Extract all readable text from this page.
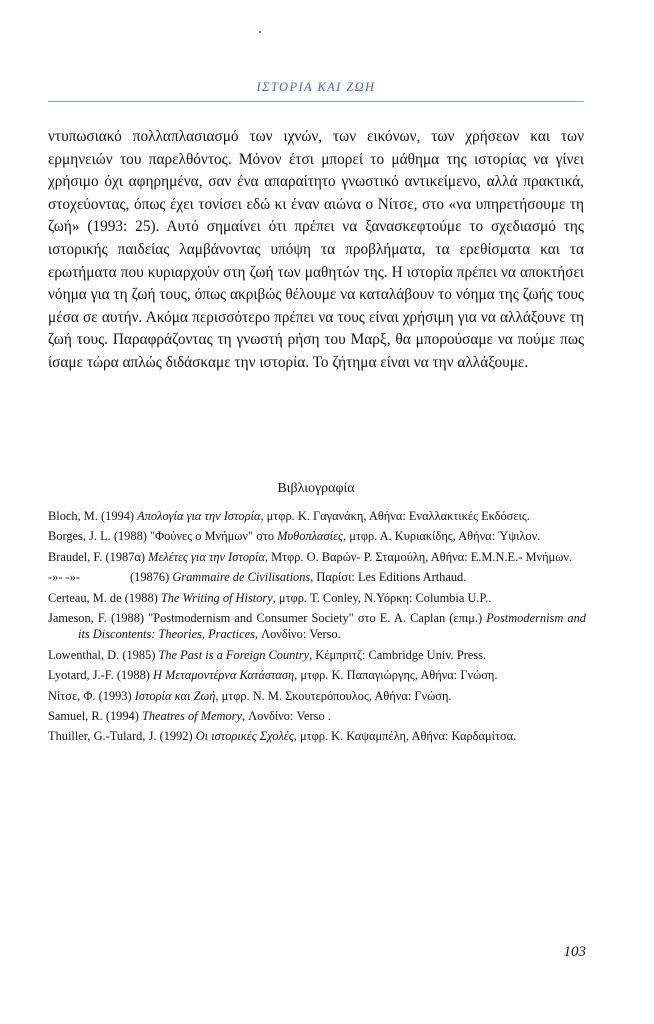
ΙΣΤΟΡΙΑ ΚΑΙ ΖΩΗ

ντυπωσιακό πολλαπλασιασμό των ιχνών, των εικόνων, των χρήσεων και των ερμηνειών του παρελθόντος. Μόνον έτσι μπορεί το μάθημα της ιστορίας να γίνει χρήσιμο όχι αφηρημένα, σαν ένα απαραίτητο γνωστικό αντικείμενο, αλλά πρακτικά, στοχεύοντας, όπως έχει τονίσει εδώ κι έναν αιώνα ο Νίτσε, στο «να υπηρετήσουμε τη ζωή» (1993: 25). Αυτό σημαίνει ότι πρέπει να ξανασκεφτούμε το σχεδιασμό της ιστορικής παιδείας λαμβάνοντας υπόψη τα προβλήματα, τα ερεθίσματα και τα ερωτήματα που κυριαρχούν στη ζωή των μαθητών της. Η ιστορία πρέπει να αποκτήσει νόημα για τη ζωή τους, όπως ακριβώς θέλουμε να καταλάβουν το νόημα της ζωής τους μέσα σε αυτήν. Ακόμα περισσότερο πρέπει να τους είναι χρήσιμη για να αλλάξουνε τη ζωή τους. Παραφράζοντας τη γνωστή ρήση του Μαρξ, θα μπορούσαμε να πούμε πως ίσαμε τώρα απλώς διδάσκαμε την ιστορία. Το ζήτημα είναι να την αλλάξουμε.

Βιβλιογραφία
Bloch, M. (1994) Απολογία για την Ιστορία, μτφρ. Κ. Γαγανάκη, Αθήνα: Εναλλακτικές Εκδόσεις.
Borges, J. L. (1988) "Φούνες ο Μνήμων" στο Μυθοπλασίες, μτφρ. Α. Κυριακίδης, Αθήνα: Ύψιλον.
Braudel, F. (1987α) Μελέτες για την Ιστορία, Μτφρ. Ο. Βαρών- Ρ. Σταμούλη, Αθήνα: Ε.Μ.Ν.Ε.- Μνήμων.
-»- -»-	(19876) Grammaire de Civilisations, Παρίσι: Les Editions Arthaud.
Certeau, M. de (1988) The Writing of History, μτφρ. T. Conley, N.Υόρκη: Columbia U.P..
Jameson, F. (1988) "Postmodernism and Consumer Society" στο E. A. Caplan (επιμ.) Postmodernism and its Discontents: Theories, Practices, Λονδίνο: Verso.
Lowenthal, D. (1985) The Past is a Foreign Country, Κέμπριτζ: Cambridge Univ. Press.
Lyotard, J.-F. (1988) Η Μεταμοντέρνα Κατάσταση, μτφρ. Κ. Παπαγιώργης, Αθήνα: Γνώση.
Νίτσε, Φ. (1993) Ιστορία και Ζωή, μτφρ. Ν. Μ. Σκουτερόπουλος, Αθήνα: Γνώση.
Samuel, R. (1994) Theatres of Memory, Λονδίνο: Verso .
Thuiller, G.-Tulard, J. (1992) Οι ιστορικές Σχολές, μτφρ. Κ. Καψαμπέλη, Αθήνα: Καρδαμίτσα.
103
